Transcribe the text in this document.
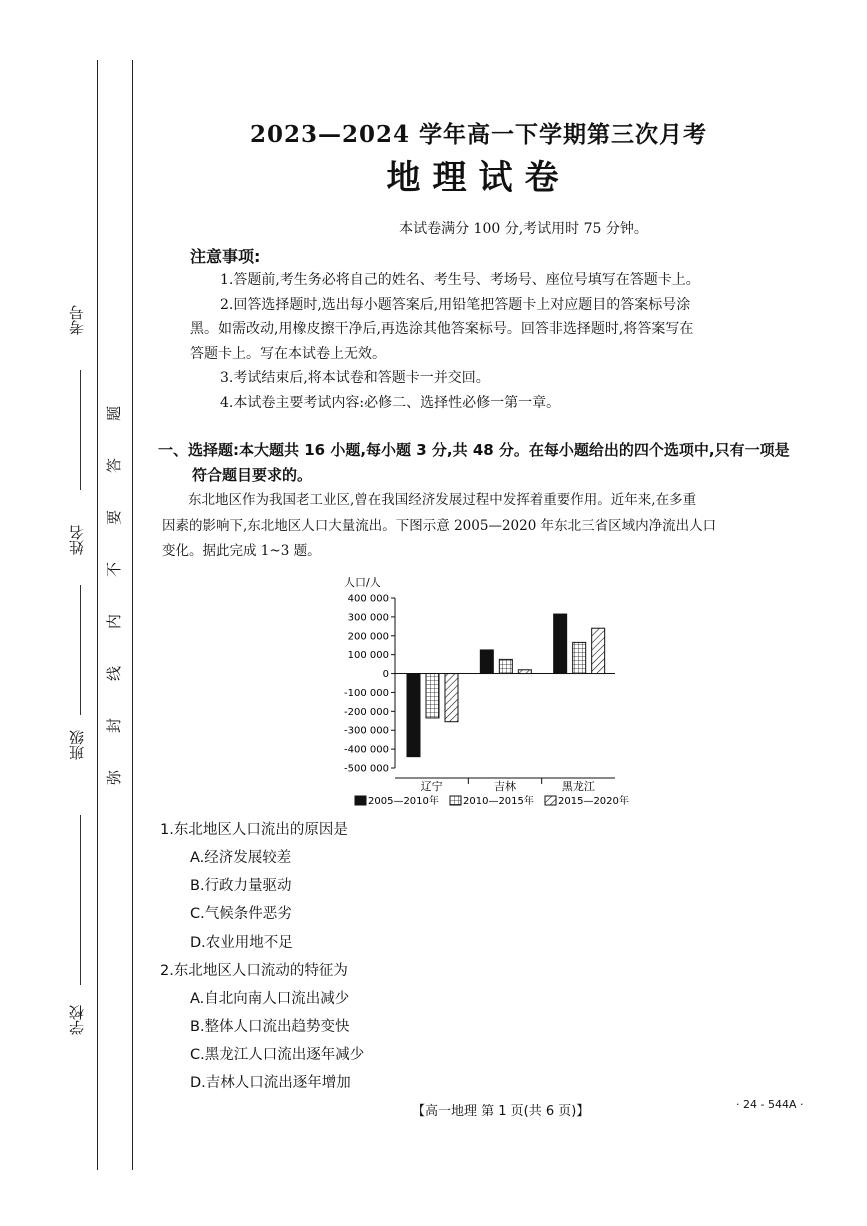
考号
姓名
班级
学校
题
答
要
不
内
线
封
弥
2023—2024 学年高一下学期第三次月考
地理试卷
本试卷满分 100 分,考试用时 75 分钟。
注意事项:

1.答题前,考生务必将自己的姓名、考生号、考场号、座位号填写在答题卡上。

2.回答选择题时,选出每小题答案后,用铅笔把答题卡上对应题目的答案标号涂

黑。如需改动,用橡皮擦干净后,再选涂其他答案标号。回答非选择题时,将答案写在

答题卡上。写在本试卷上无效。

3.考试结束后,将本试卷和答题卡一并交回。

4.本试卷主要考试内容:必修二、选择性必修一第一章。

一、选择题:本大题共 16 小题,每小题 3 分,共 48 分。在每小题给出的四个选项中,只有一项是
符合题目要求的。
东北地区作为我国老工业区,曾在我国经济发展过程中发挥着重要作用。近年来,在多重
因素的影响下,东北地区人口大量流出。下图示意 2005—2020 年东北三省区域内净流出人口
变化。据此完成 1~3 题。
人口/人
400 000
300 000
200 000
100 000
0
-100 000
-200 000
-300 000
-400 000
-500 000
辽宁	吉林	黑龙江
2005—2010年 2010—2015年 2015—2020年
1.东北地区人口流出的原因是
A.经济发展较差
B.行政力量驱动
C.气候条件恶劣
D.农业用地不足
2.东北地区人口流动的特征为
A.自北向南人口流出减少
B.整体人口流出趋势变快
C.黑龙江人口流出逐年减少
D.吉林人口流出逐年增加
【高一地理 第 1 页(共 6 页)】	· 24 - 544A ·
